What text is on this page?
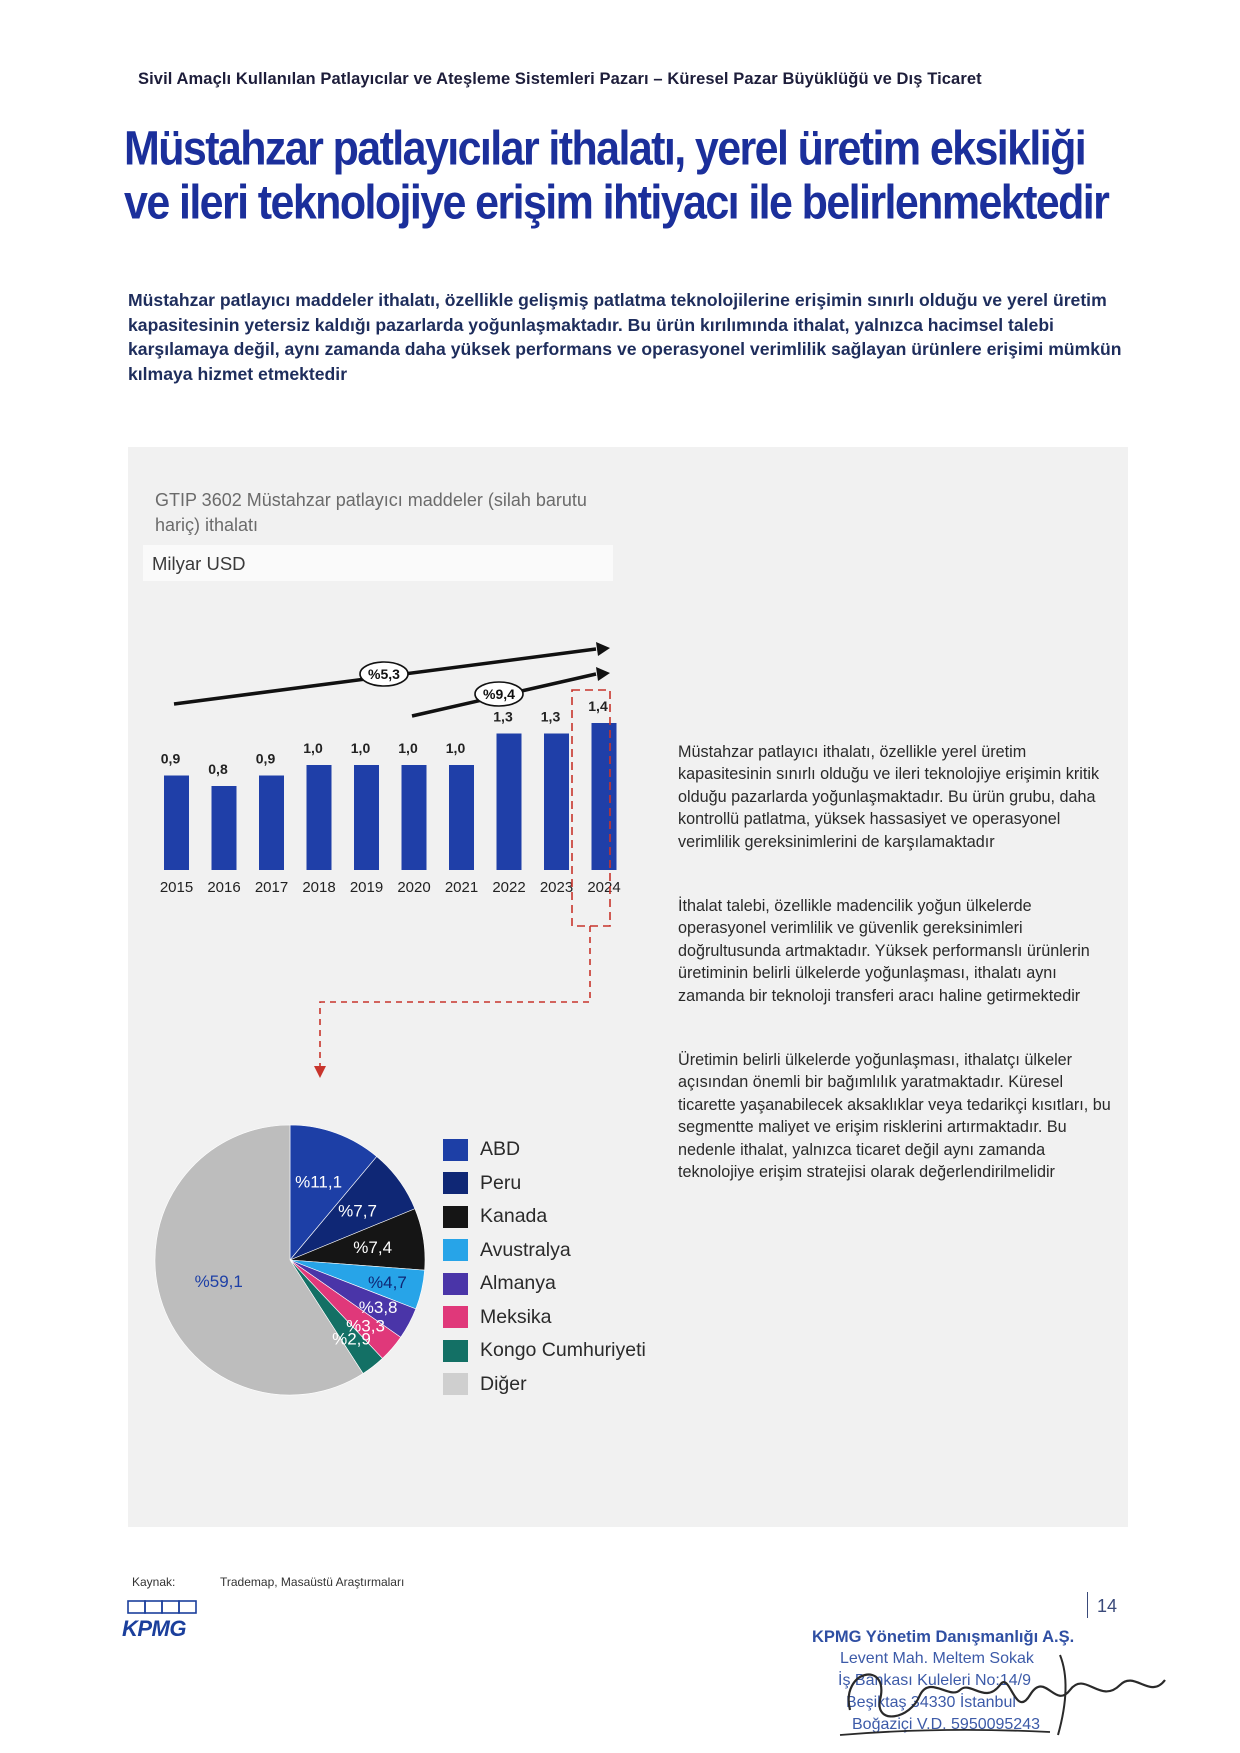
Sivil Amaçlı Kullanılan Patlayıcılar ve Ateşleme Sistemleri Pazarı – Küresel Pazar Büyüklüğü ve Dış Ticaret
Müstahzar patlayıcılar ithalatı, yerel üretim eksikliği ve ileri teknolojiye erişim ihtiyacı ile belirlenmektedir
Müstahzar patlayıcı maddeler ithalatı, özellikle gelişmiş patlatma teknolojilerine erişimin sınırlı olduğu ve yerel üretim kapasitesinin yetersiz kaldığı pazarlarda yoğunlaşmaktadır. Bu ürün kırılımında ithalat, yalnızca hacimsel talebi karşılamaya değil, aynı zamanda daha yüksek performans ve operasyonel verimlilik sağlayan ürünlere erişimi mümkün kılmaya hizmet etmektedir
GTIP 3602 Müstahzar patlayıcı maddeler (silah barutu hariç) ithalatı
Milyar USD
0,9
2015
0,8
2016
0,9
2017
1,0
2018
1,0
2019
1,0
2020
1,0
2021
1,3
2022
1,3
2023
1,4
2024
%5,3
%9,4
%11,1
%7,7
%7,4
%4,7
%3,8
%3,3
%2,9
%59,1
ABD
Peru
Kanada
Avustralya
Almanya
Meksika
Kongo Cumhuriyeti
Diğer
Müstahzar patlayıcı ithalatı, özellikle yerel üretim kapasitesinin sınırlı olduğu ve ileri teknolojiye erişimin kritik olduğu pazarlarda yoğunlaşmaktadır. Bu ürün grubu, daha kontrollü patlatma, yüksek hassasiyet ve operasyonel verimlilik gereksinimlerini de karşılamaktadır
İthalat talebi, özellikle madencilik yoğun ülkelerde operasyonel verimlilik ve güvenlik gereksinimleri doğrultusunda artmaktadır. Yüksek performanslı ürünlerin üretiminin belirli ülkelerde yoğunlaşması, ithalatı aynı zamanda bir teknoloji transferi aracı haline getirmektedir
Üretimin belirli ülkelerde yoğunlaşması, ithalatçı ülkeler açısından önemli bir bağımlılık yaratmaktadır. Küresel ticarette yaşanabilecek aksaklıklar veya tedarikçi kısıtları, bu segmentte maliyet ve erişim risklerini artırmaktadır. Bu nedenle ithalat, yalnızca ticaret değil aynı zamanda teknolojiye erişim stratejisi olarak değerlendirilmelidir
Kaynak:	Trademap, Masaüstü Araştırmaları
KPMG
14
KPMG Yönetim Danışmanlığı A.Ş.
Levent Mah. Meltem Sokak
İş Bankası Kuleleri No:14/9
Beşiktaş 34330 İstanbul
Boğaziçi V.D. 5950095243
